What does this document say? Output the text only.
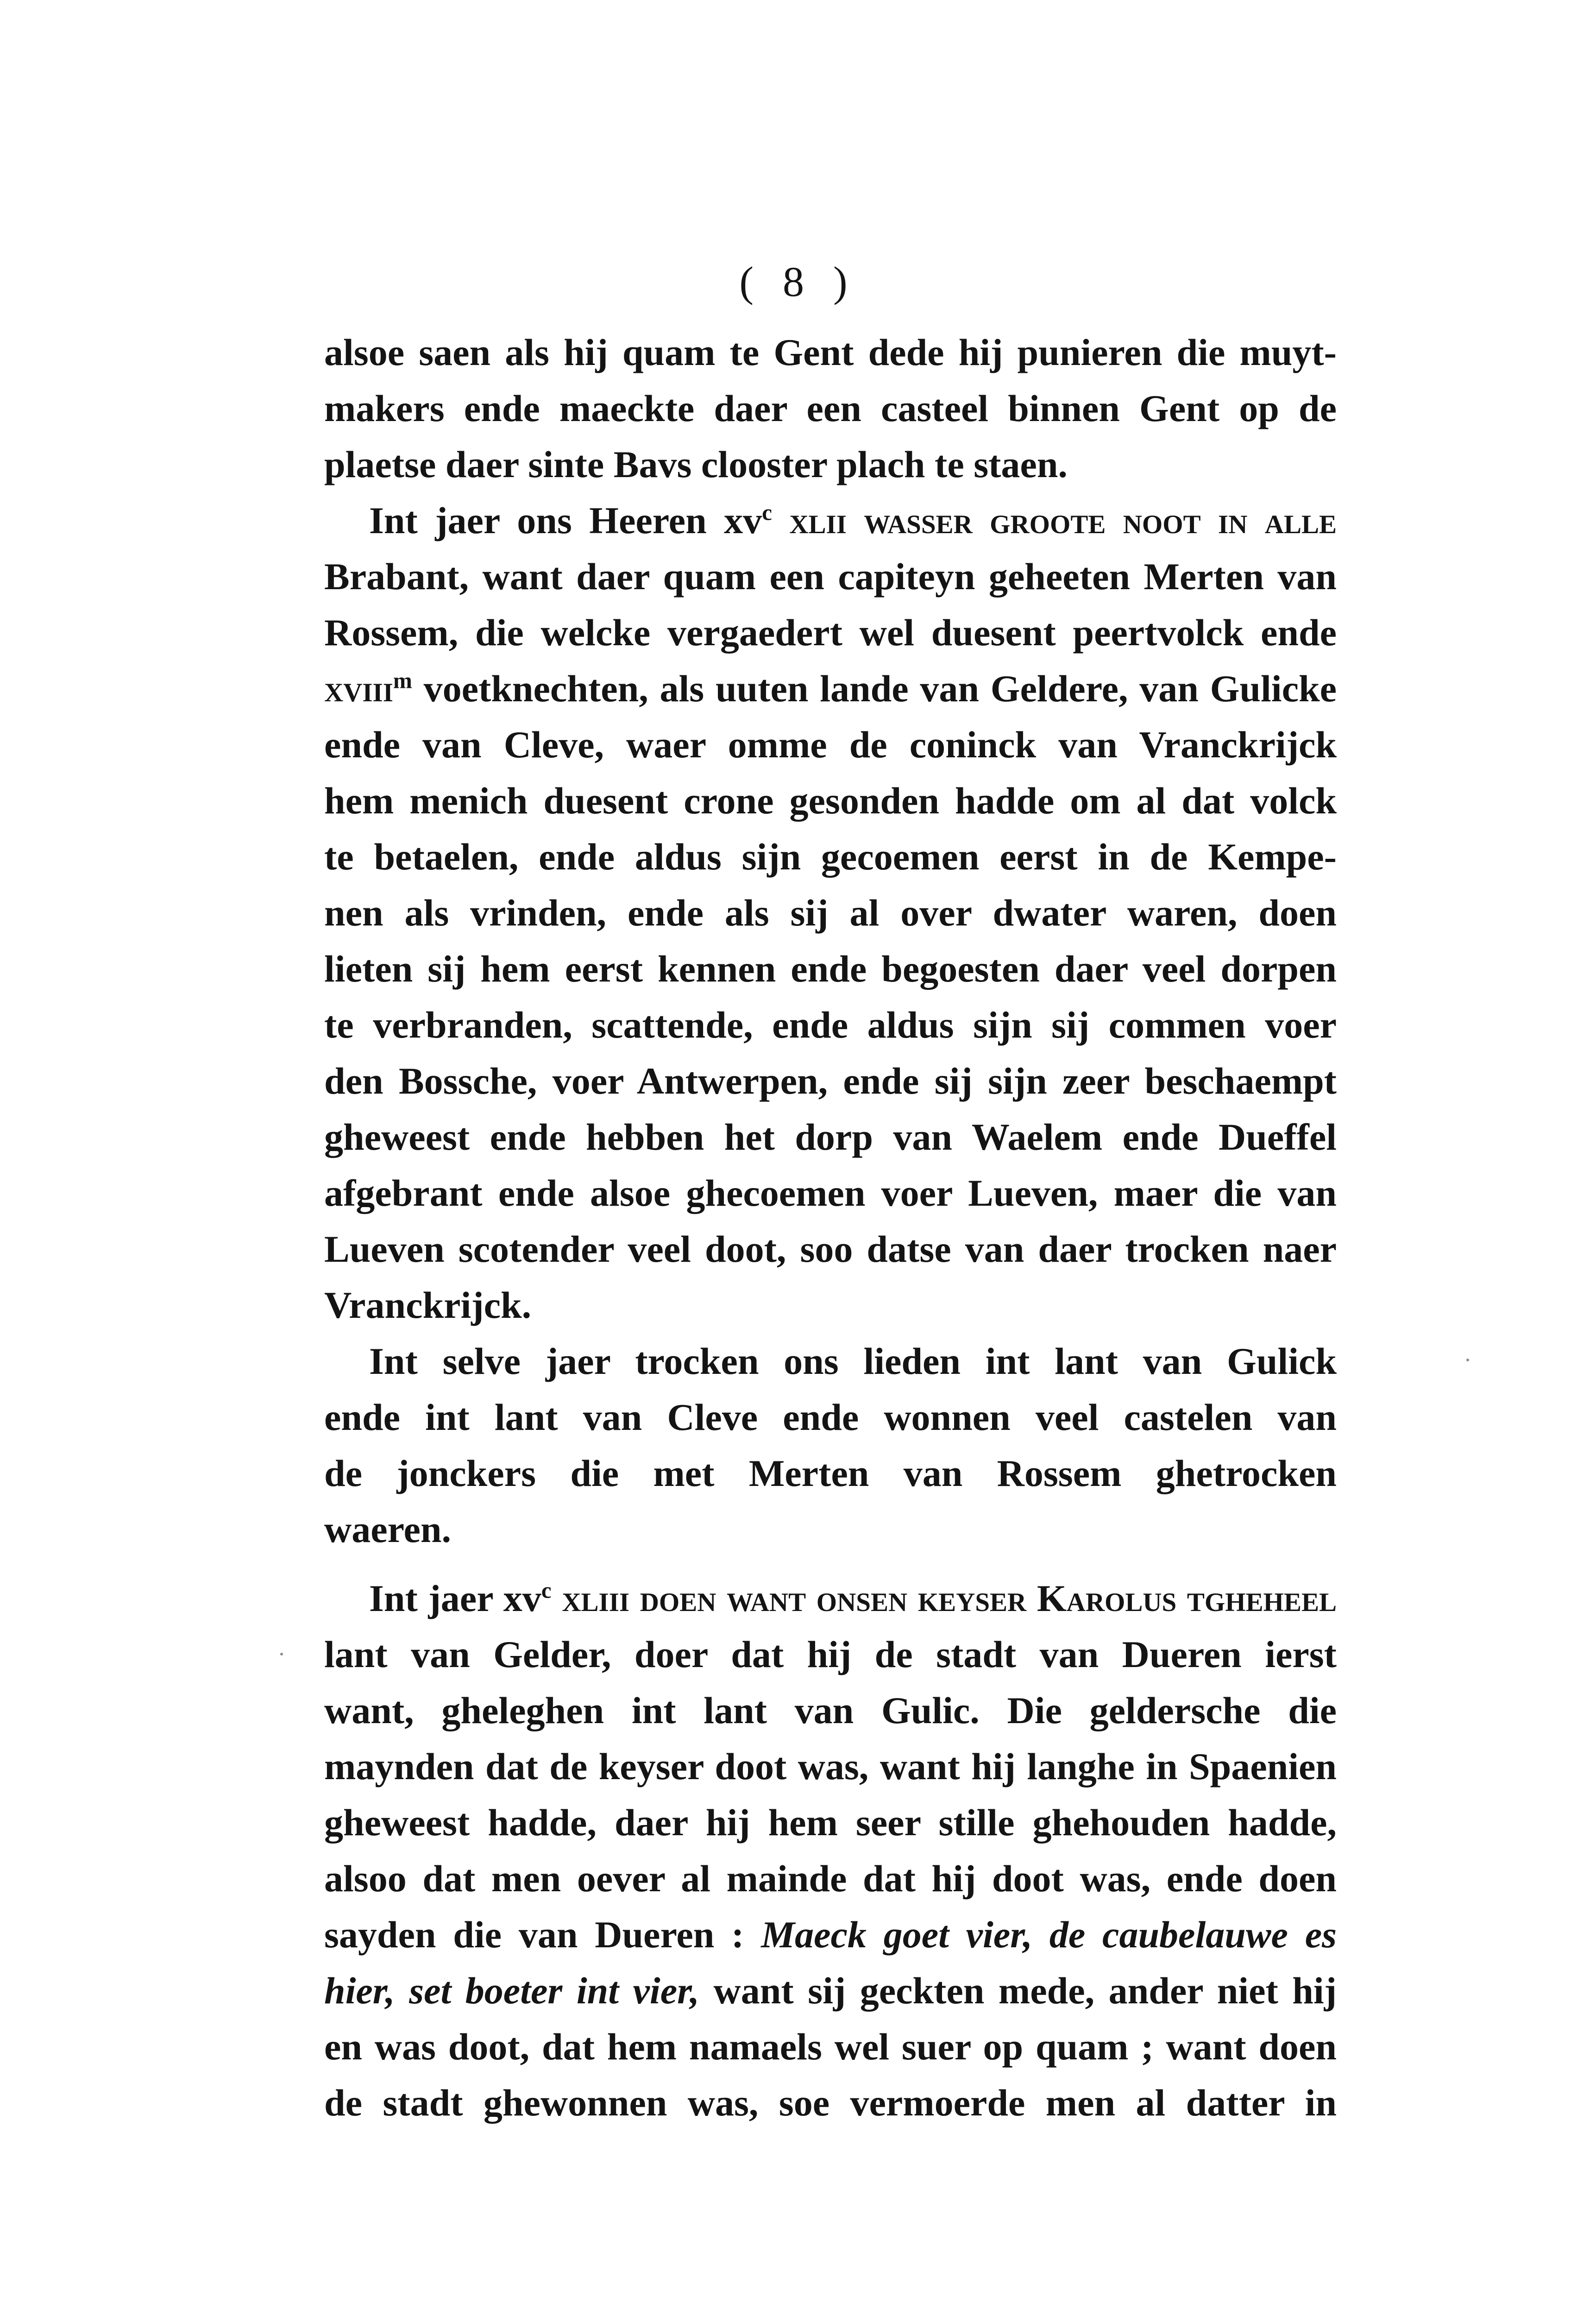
( 8 )
alsoe saen als hij quam te Gent dede hij punieren die muyt-
makers ende maeckte daer een casteel binnen Gent op de
plaetse daer sinte Bavs clooster plach te staen.
Int jaer ons Heeren $xv^c$ xlii wasser groote noot in alle
Brabant, want daer quam een capiteyn geheeten Merten van
Rossem, die welcke vergaedert wel duesent peertvolck ende
xviii$^m$ voetknechten, als uuten lande van Geldere, van Gulicke
ende van Cleve, waer omme de coninck van Vranckrijck
hem menich duesent crone gesonden hadde om al dat volck
te betaelen, ende aldus sijn gecoemen eerst in de Kempe-
nen als vrinden, ende als sij al over dwater waren, doen
lieten sij hem eerst kennen ende begoesten daer veel dorpen
te verbranden, scattende, ende aldus sijn sij commen voer
den Bossche, voer Antwerpen, ende sij sijn zeer beschaempt
gheweest ende hebben het dorp van Waelem ende Dueffel
afgebrant ende alsoe ghecoemen voer Lueven, maer die van
Lueven scotender veel doot, soo datse van daer trocken naer
Vranckrijck.
Int selve jaer trocken ons lieden int lant van Gulick
ende int lant van Cleve ende wonnen veel castelen van
de jonckers die met Merten van Rossem ghetrocken
waeren.
Int jaer $xv^c$ xliii doen want onsen keyser Karolus tgheheel
lant van Gelder, doer dat hij de stadt van Dueren ierst
want, gheleghen int lant van Gulic. Die geldersche die
maynden dat de keyser doot was, want hij langhe in Spaenien
gheweest hadde, daer hij hem seer stille ghehouden hadde,
alsoo dat men oever al mainde dat hij doot was, ende doen
sayden die van Dueren : Maeck goet vier, de caubelauwe es
hier, set boeter int vier, want sij geckten mede, ander niet hij
en was doot, dat hem namaels wel suer op quam ; want doen
de stadt ghewonnen was, soe vermoerde men al datter in
